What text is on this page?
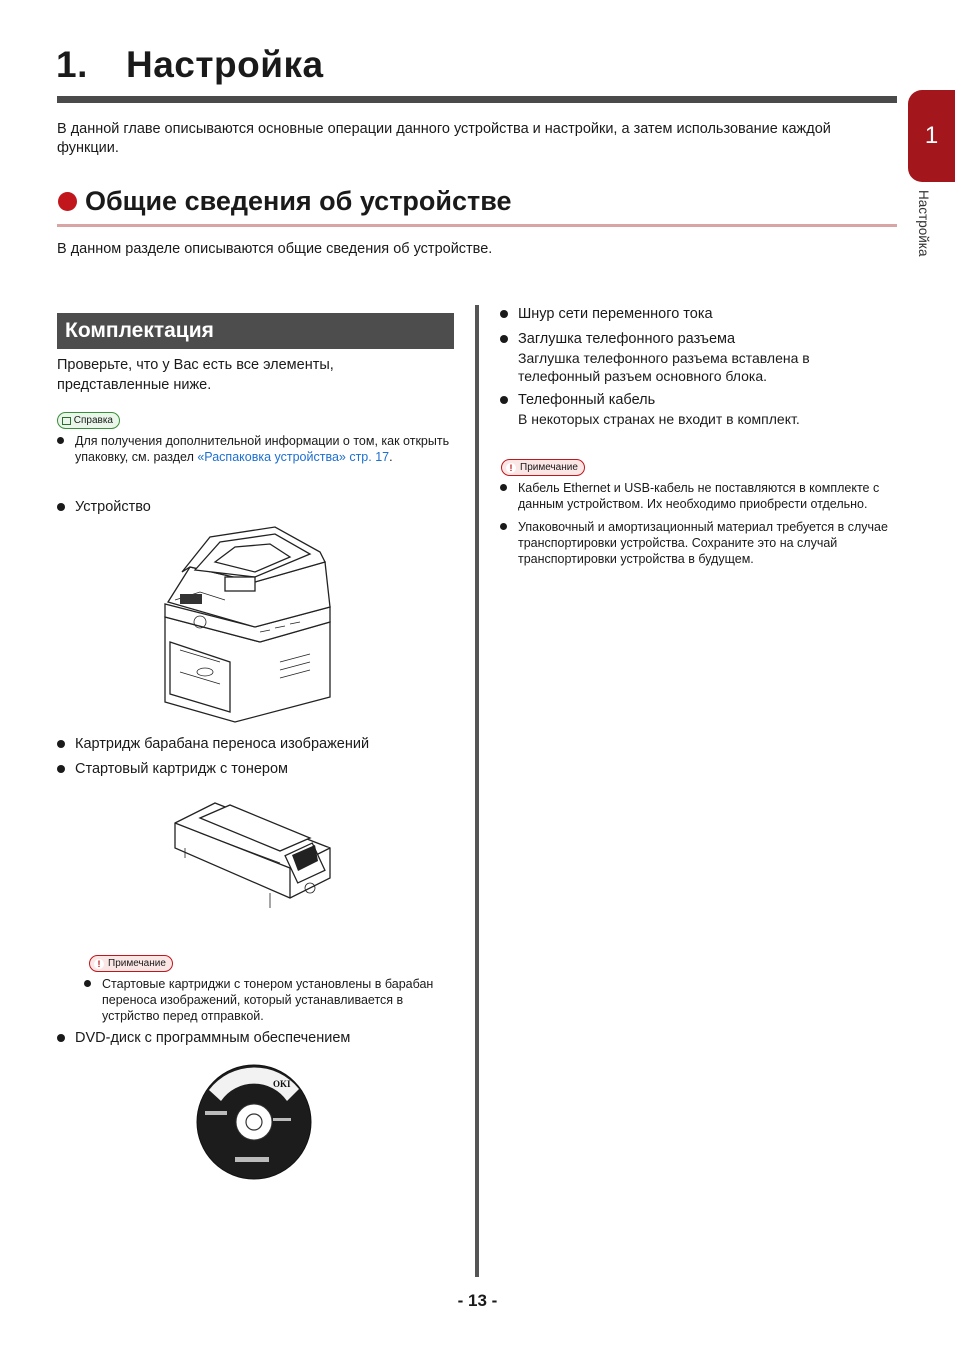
1. Настройка
В данной главе описываются основные операции данного устройства и настройки, а затем использование каждой функции.	1
Настройка
Общие сведения об устройстве
В данном разделе описываются общие сведения об устройстве.
Комплектация
Проверьте, что у Вас есть все элементы, представленные ниже.
Справка
Для получения дополнительной информации о том, как открыть упаковку, см. раздел «Распаковка устройства» стр. 17.
Устройство
Картридж барабана переноса изображений
Стартовый картридж с тонером
! Примечание
Стартовые картриджи с тонером установлены в барабан переноса изображений, который устанавливается в устрйство перед отправкой.
DVD-диск с программным обеспечением
OKI
Шнур сети переменного тока
Заглушка телефонного разъема
Заглушка телефонного разъема вставлена в телефонный разъем основного блока.
Телефонный кабель
В некоторых странах не входит в комплект.
! Примечание
Кабель Ethernet и USB-кабель не поставляются в комплекте с данным устройством. Их необходимо приобрести отдельно.
Упаковочный и амортизационный материал требуется в случае транспортировки устройства. Сохраните это на случай транспортировки устройства в будущем.
- 13 -
